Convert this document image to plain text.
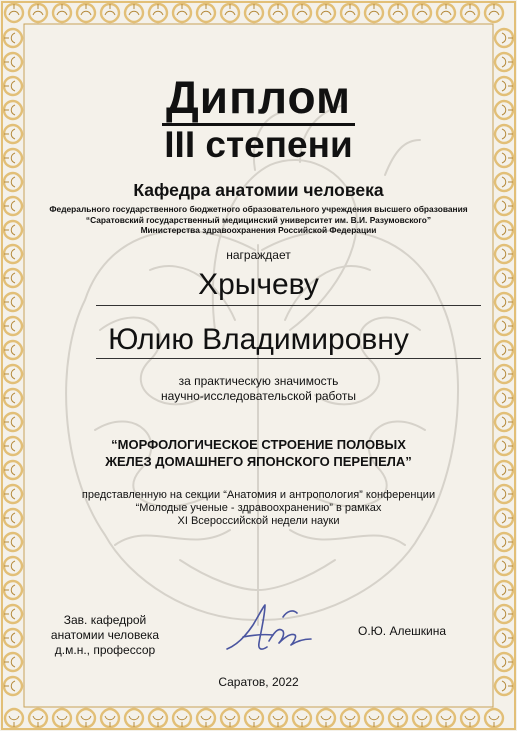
Диплом
III степени
Кафедра анатомии человека
Федерального государственного бюджетного образовательного учреждения высшего образования
“Саратовский государственный медицинский университет им. В.И. Разумовского”
Министерства здравоохранения Российской Федерации
награждает
Хрычеву
Юлию Владимировну
за практическую значимость
научно-исследовательской работы
“МОРФОЛОГИЧЕСКОЕ СТРОЕНИЕ ПОЛОВЫХ
ЖЕЛЕЗ ДОМАШНЕГО ЯПОНСКОГО ПЕРЕПЕЛА”
представленную на секции “Анатомия и антропология” конференции
“Молодые ученые - здравоохранению” в рамках
XI Всероссийской недели науки
Зав. кафедрой
анатомии человека
д.м.н., профессор
О.Ю. Алешкина
Саратов, 2022
